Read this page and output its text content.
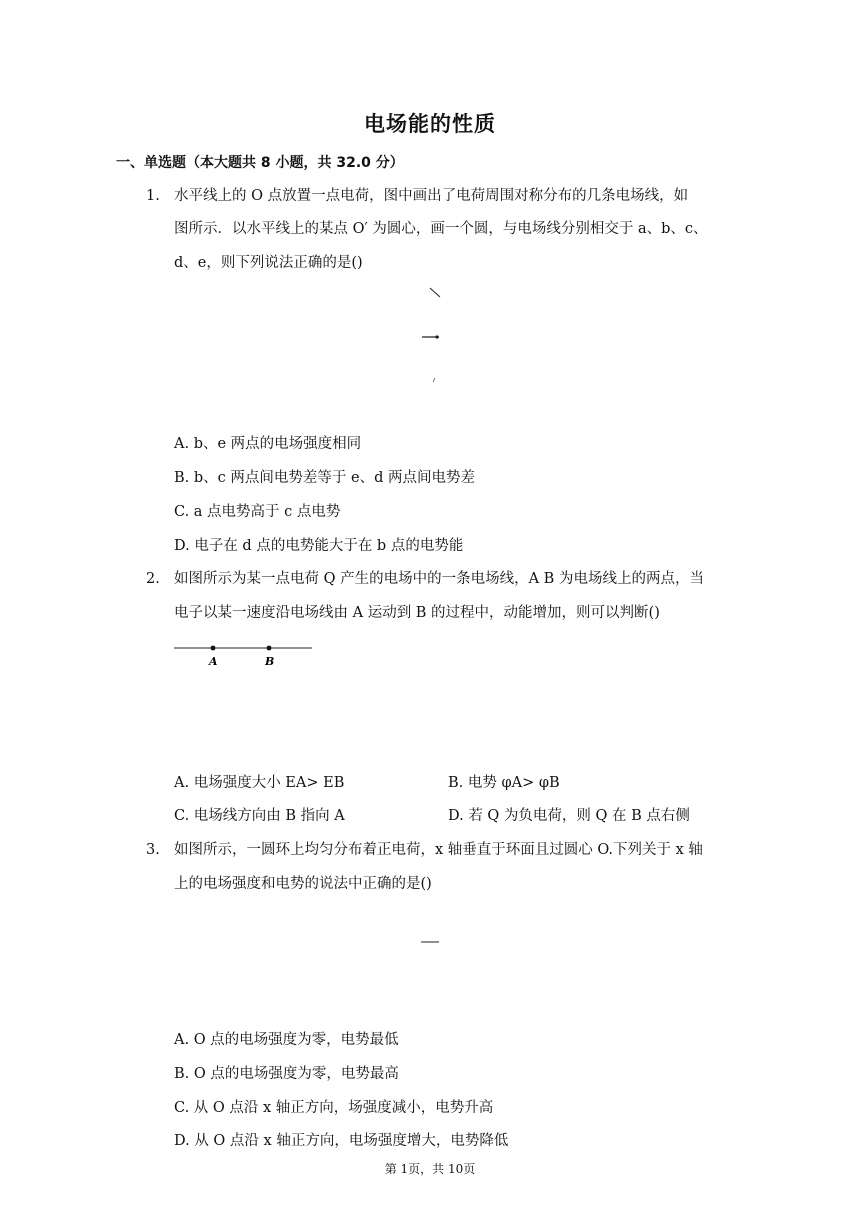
电场能的性质
一、单选题（本大题共 8 小题，共 32.0 分）
1. 水平线上的 O 点放置一点电荷，图中画出了电荷周围对称分布的几条电场线，如
图所示．以水平线上的某点 O′ 为圆心，画一个圆，与电场线分别相交于 a、b、c、
d、e，则下列说法正确的是()
A. b、e 两点的电场强度相同
B. b、c 两点间电势差等于 e、d 两点间电势差
C. a 点电势高于 c 点电势
D. 电子在 d 点的电势能大于在 b 点的电势能
2. 如图所示为某一点电荷 Q 产生的电场中的一条电场线，A B 为电场线上的两点，当
电子以某一速度沿电场线由 A 运动到 B 的过程中，动能增加，则可以判断()
A	B
A. 电场强度大小 EA> EB	B. 电势 φA> φB
C. 电场线方向由 B 指向 A	D. 若 Q 为负电荷，则 Q 在 B 点右侧
3. 如图所示，一圆环上均匀分布着正电荷，x 轴垂直于环面且过圆心 O.下列关于 x 轴
上的电场强度和电势的说法中正确的是()
A. O 点的电场强度为零，电势最低
B. O 点的电场强度为零，电势最高
C. 从 O 点沿 x 轴正方向，场强度减小，电势升高
D. 从 O 点沿 x 轴正方向，电场强度增大，电势降低
第 1页，共 10页
